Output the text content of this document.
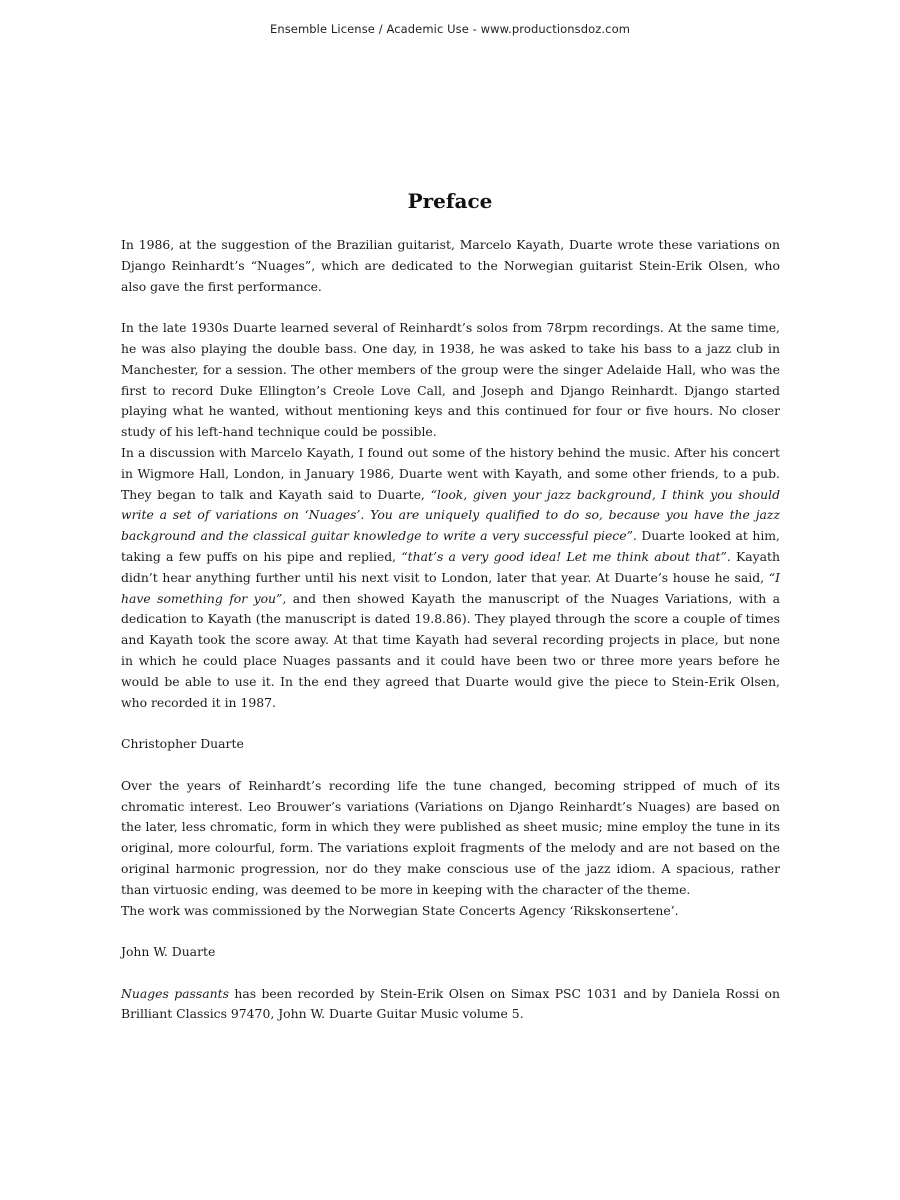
Ensemble License / Academic Use - www.productionsdoz.com
Preface

In 1986, at the suggestion of the Brazilian guitarist, Marcelo Kayath, Duarte wrote these variations on Django Reinhardt’s “Nuages”, which are dedicated to the Norwegian guitarist Stein-Erik Olsen, who also gave the first performance.

In the late 1930s Duarte learned several of Reinhardt’s solos from 78rpm recordings. At the same time, he was also playing the double bass. One day, in 1938, he was asked to take his bass to a jazz club in Manchester, for a session. The other members of the group were the singer Adelaide Hall, who was the first to record Duke Ellington’s Creole Love Call, and Joseph and Django Reinhardt. Django started playing what he wanted, without mentioning keys and this continued for four or five hours. No closer study of his left-hand technique could be possible.

In a discussion with Marcelo Kayath, I found out some of the history behind the music. After his concert in Wigmore Hall, London, in January 1986, Duarte went with Kayath, and some other friends, to a pub. They began to talk and Kayath said to Duarte, “look, given your jazz background, I think you should write a set of variations on ‘Nuages’. You are uniquely qualified to do so, because you have the jazz background and the classical guitar knowledge to write a very successful piece”. Duarte looked at him, taking a few puffs on his pipe and replied, “that’s a very good idea! Let me think about that”. Kayath didn’t hear anything further until his next visit to London, later that year. At Duarte’s house he said, “I have something for you”, and then showed Kayath the manuscript of the Nuages Variations, with a dedication to Kayath (the manuscript is dated 19.8.86). They played through the score a couple of times and Kayath took the score away. At that time Kayath had several recording projects in place, but none in which he could place Nuages passants and it could have been two or three more years before he would be able to use it. In the end they agreed that Duarte would give the piece to Stein-Erik Olsen, who recorded it in 1987.

Christopher Duarte

Over the years of Reinhardt’s recording life the tune changed, becoming stripped of much of its chromatic interest. Leo Brouwer’s variations (Variations on Django Reinhardt’s Nuages) are based on the later, less chromatic, form in which they were published as sheet music; mine employ the tune in its original, more colourful, form. The variations exploit fragments of the melody and are not based on the original harmonic progression, nor do they make conscious use of the jazz idiom. A spacious, rather than virtuosic ending, was deemed to be more in keeping with the character of the theme.

The work was commissioned by the Norwegian State Concerts Agency ‘Rikskonsertene’.

John W. Duarte

Nuages passants has been recorded by Stein-Erik Olsen on Simax PSC 1031 and by Daniela Rossi on Brilliant Classics 97470, John W. Duarte Guitar Music volume 5.
